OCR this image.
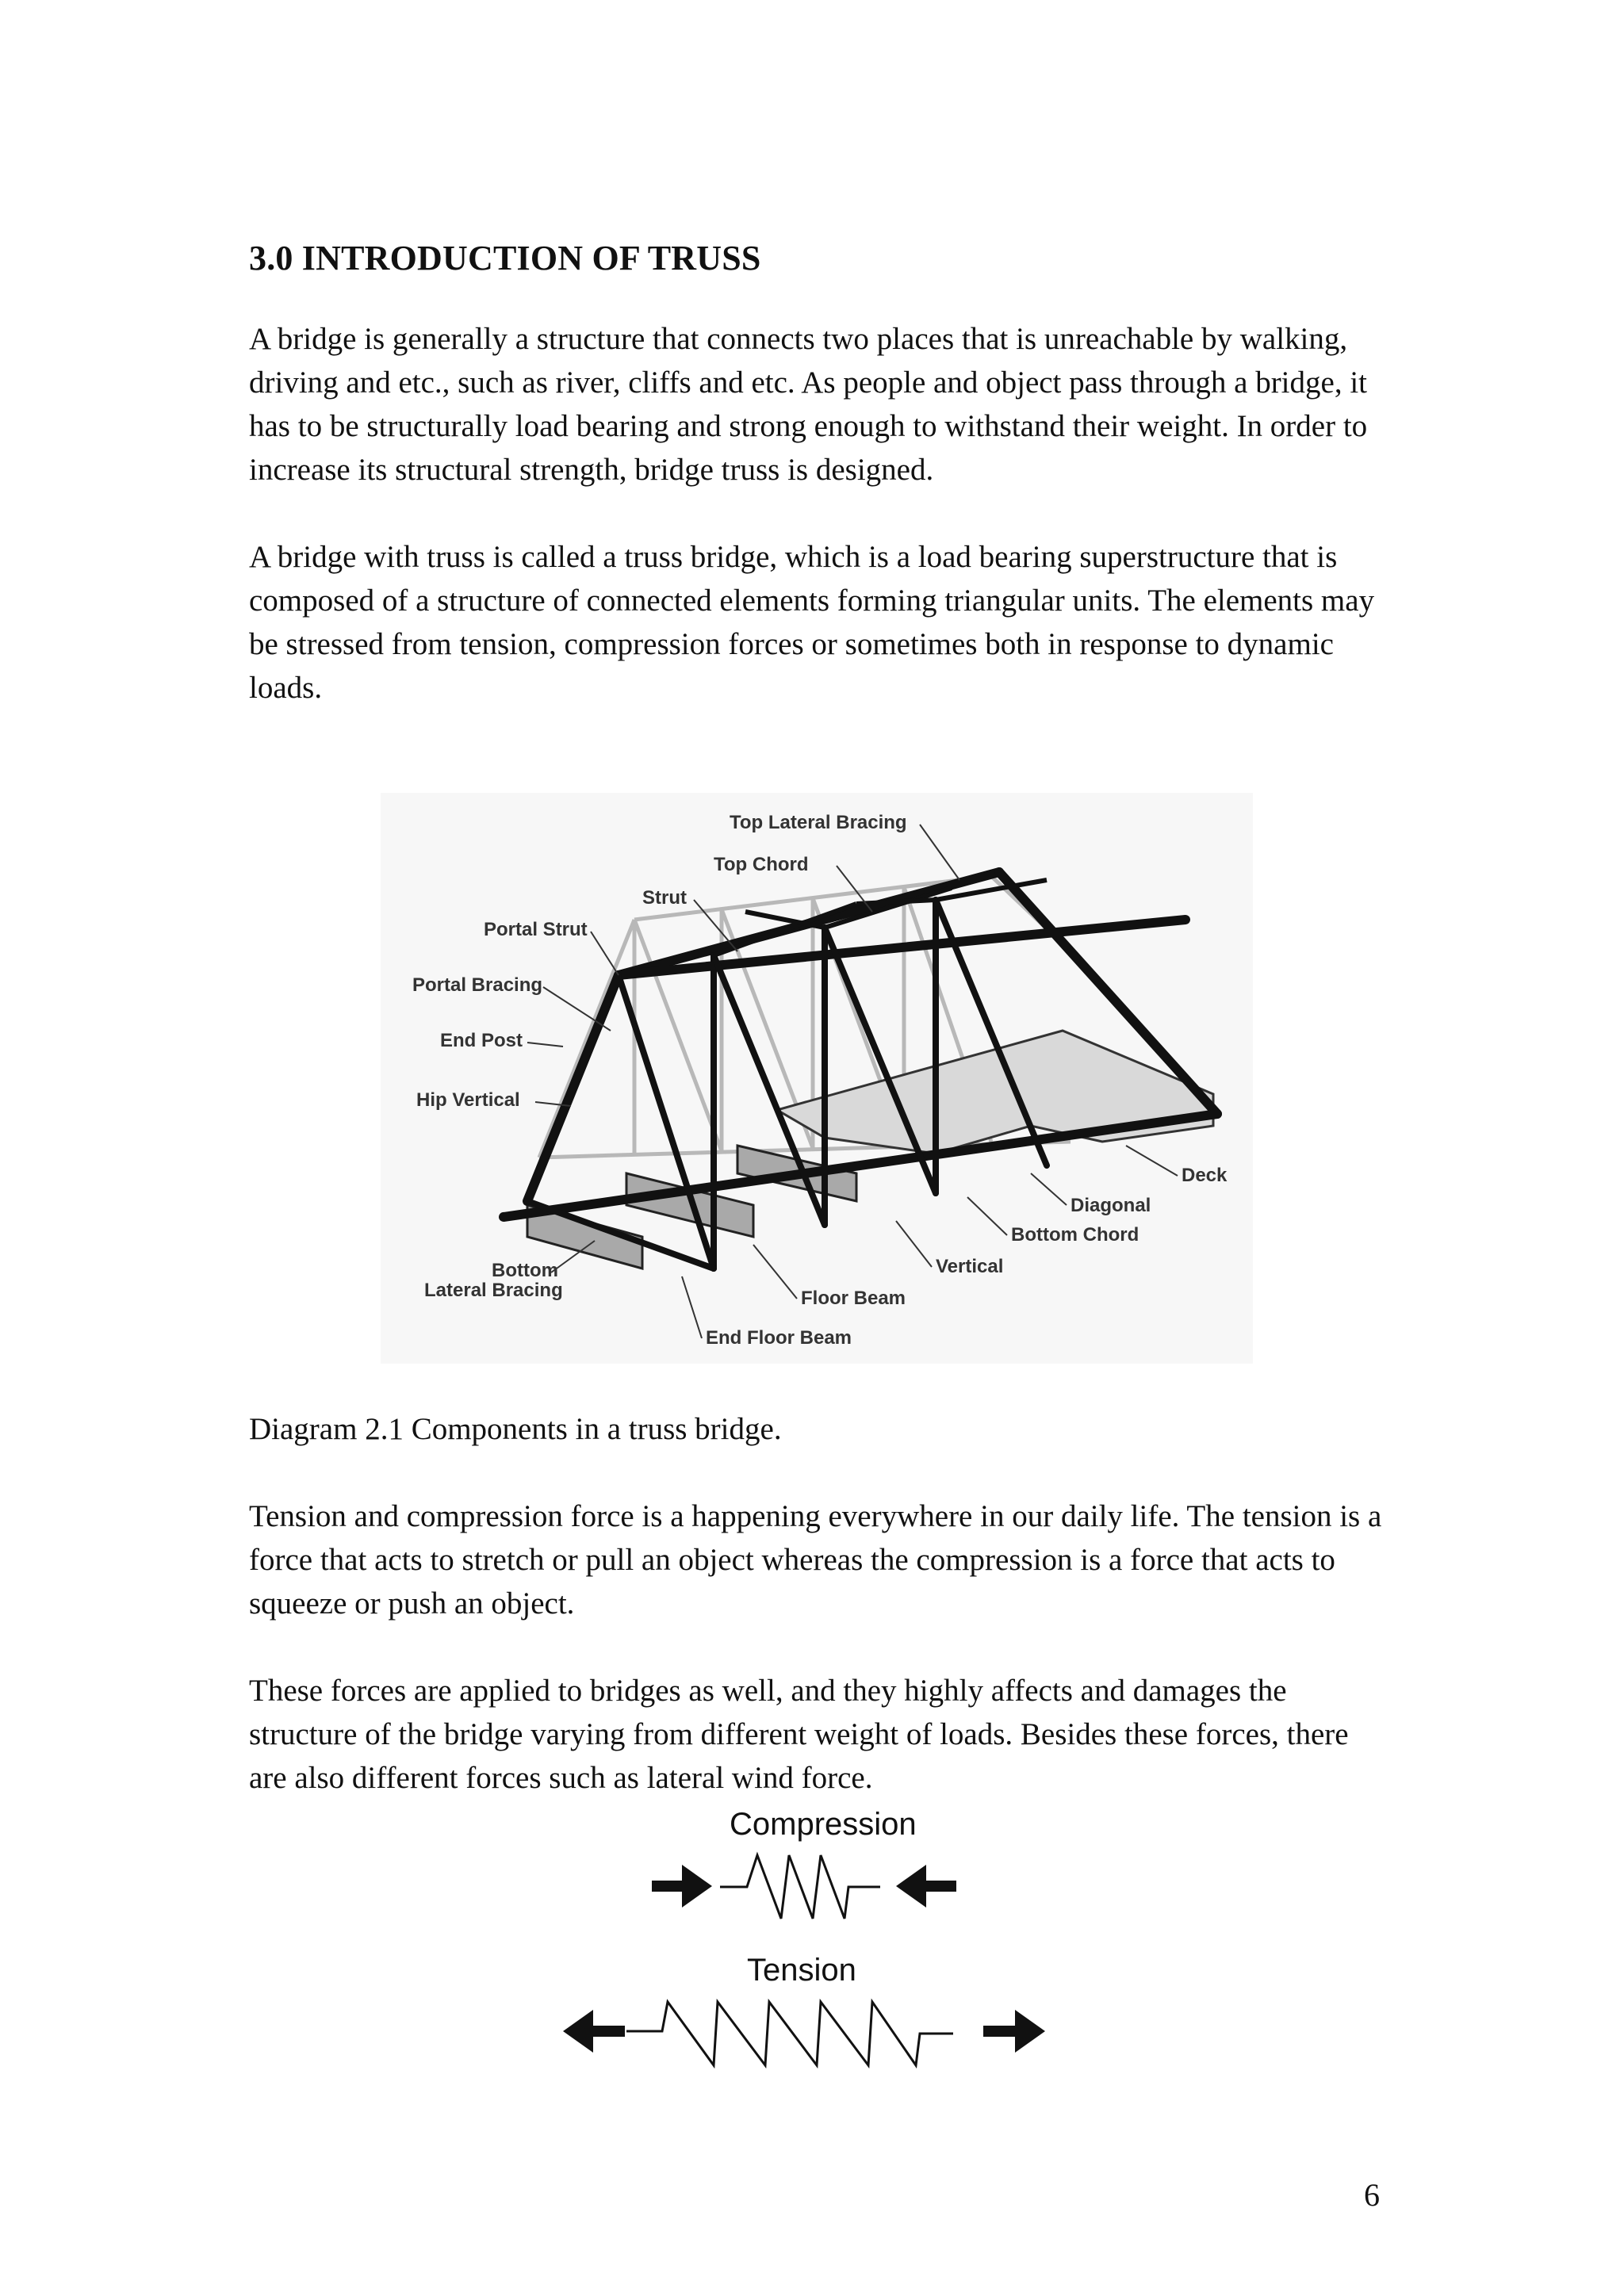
3.0 INTRODUCTION OF TRUSS

A bridge is generally a structure that connects two places that is unreachable by walking, driving and etc., such as river, cliffs and etc. As people and object pass through a bridge, it has to be structurally load bearing and strong enough to withstand their weight. In order to increase its structural strength, bridge truss is designed.

A bridge with truss is called a truss bridge, which is a load bearing superstructure that is composed of a structure of connected elements forming triangular units. The elements may be stressed from tension, compression forces or sometimes both in response to dynamic loads.

Top Lateral Bracing
Top Chord
Strut
Portal Strut
Portal Bracing
End Post
Hip Vertical
Bottom
Lateral Bracing
End Floor Beam
Floor Beam
Vertical
Bottom Chord
Diagonal
Deck
Diagram 2.1 Components in a truss bridge.

Tension and compression force is a happening everywhere in our daily life. The tension is a force that acts to stretch or pull an object whereas the compression is a force that acts to squeeze or push an object.

These forces are applied to bridges as well, and they highly affects and damages the structure of the bridge varying from different weight of loads. Besides these forces, there are also different forces such as lateral wind force.

Compression
Tension
6
